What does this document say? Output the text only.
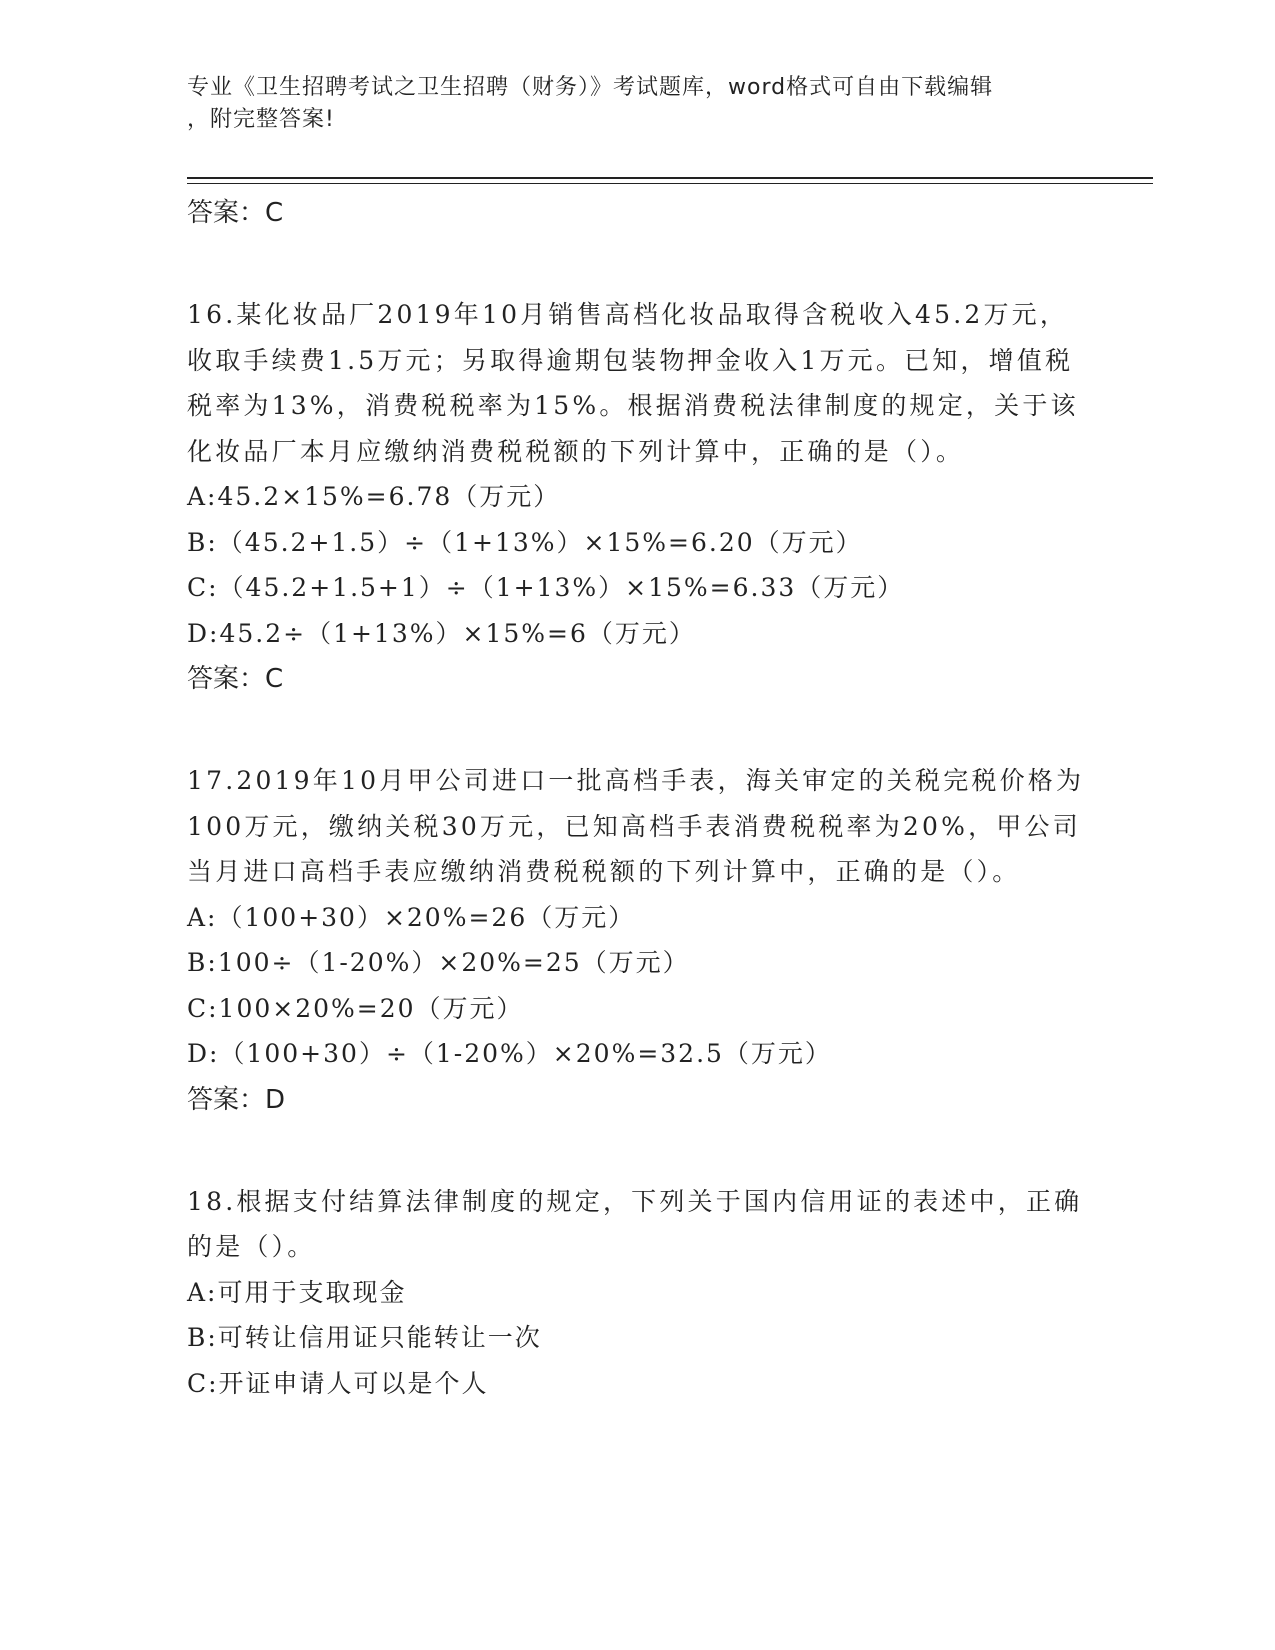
专业《卫生招聘考试之卫生招聘（财务）》考试题库，word格式可自由下载编辑
，附完整答案!
答案：C
16.某化妆品厂2019年10月销售高档化妆品取得含税收入45.2万元，收取手续费1.5万元；另取得逾期包装物押金收入1万元。已知，增值税税率为13%，消费税税率为15%。根据消费税法律制度的规定，关于该化妆品厂本月应缴纳消费税税额的下列计算中，正确的是（）。
A:45.2×15%=6.78（万元）
B:（45.2+1.5）÷（1+13%）×15%=6.20（万元）
C:（45.2+1.5+1）÷（1+13%）×15%=6.33（万元）
D:45.2÷（1+13%）×15%=6（万元）
答案：C
17.2019年10月甲公司进口一批高档手表，海关审定的关税完税价格为100万元，缴纳关税30万元，已知高档手表消费税税率为20%，甲公司当月进口高档手表应缴纳消费税税额的下列计算中，正确的是（）。
A:（100+30）×20%=26（万元）
B:100÷（1-20%）×20%=25（万元）
C:100×20%=20（万元）
D:（100+30）÷（1-20%）×20%=32.5（万元）
答案：D
18.根据支付结算法律制度的规定，下列关于国内信用证的表述中，正确的是（）。
A:可用于支取现金
B:可转让信用证只能转让一次
C:开证申请人可以是个人
